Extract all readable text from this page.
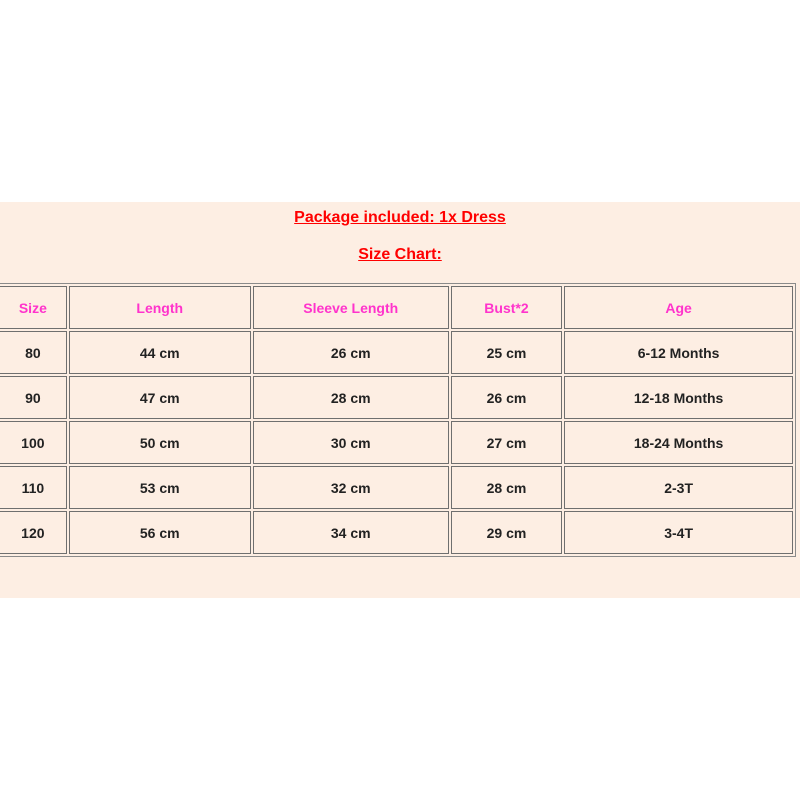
Package included: 1x Dress
Size Chart:
Size	Length	Sleeve Length	Bust*2	Age
80	44 cm	26 cm	25 cm	6-12 Months
90	47 cm	28 cm	26 cm	12-18 Months
100	50 cm	30 cm	27 cm	18-24 Months
110	53 cm	32 cm	28 cm	2-3T
120	56 cm	34 cm	29 cm	3-4T
